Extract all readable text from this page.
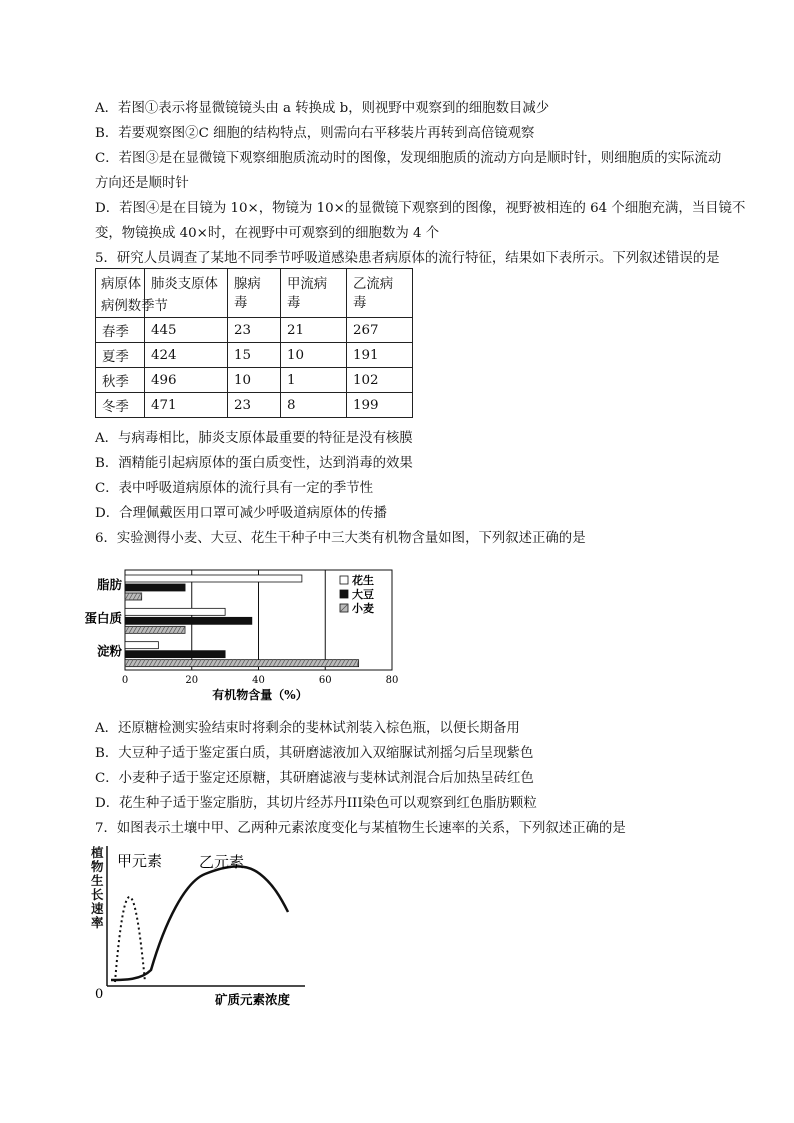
A．若图①表示将显微镜镜头由 a 转换成 b，则视野中观察到的细胞数目减少
B．若要观察图②C 细胞的结构特点，则需向右平移装片再转到高倍镜观察
C．若图③是在显微镜下观察细胞质流动时的图像，发现细胞质的流动方向是顺时针，则细胞质的实际流动
方向还是顺时针
D．若图④是在目镜为 10×，物镜为 10×的显微镜下观察到的图像，视野被相连的 64 个细胞充满，当目镜不
变，物镜换成 40×时，在视野中可观察到的细胞数为 4 个
5．研究人员调查了某地不同季节呼吸道感染患者病原体的流行特征，结果如下表所示。下列叙述错误的是
病原体
病例数季节	肺炎支原体	腺病毒	甲流病毒	乙流病毒
春季	445	23	21	267
夏季	424	15	10	191
秋季	496	10	1	102
冬季	471	23	8	199
A．与病毒相比，肺炎支原体最重要的特征是没有核膜
B．酒精能引起病原体的蛋白质变性，达到消毒的效果
C．表中呼吸道病原体的流行具有一定的季节性
D．合理佩戴医用口罩可减少呼吸道病原体的传播
6．实验测得小麦、大豆、花生干种子中三大类有机物含量如图，下列叙述正确的是
脂肪
蛋白质
淀粉
0	20	40	60	80
花生
大豆
小麦
有机物含量（%）
A．还原糖检测实验结束时将剩余的斐林试剂装入棕色瓶，以便长期备用
B．大豆种子适于鉴定蛋白质，其研磨滤液加入双缩脲试剂摇匀后呈现紫色
C．小麦种子适于鉴定还原糖，其研磨滤液与斐林试剂混合后加热呈砖红色
D．花生种子适于鉴定脂肪，其切片经苏丹III染色可以观察到红色脂肪颗粒
7．如图表示土壤中甲、乙两种元素浓度变化与某植物生长速率的关系，下列叙述正确的是
甲元素 乙元素
0	矿质元素浓度
植物生长速率
